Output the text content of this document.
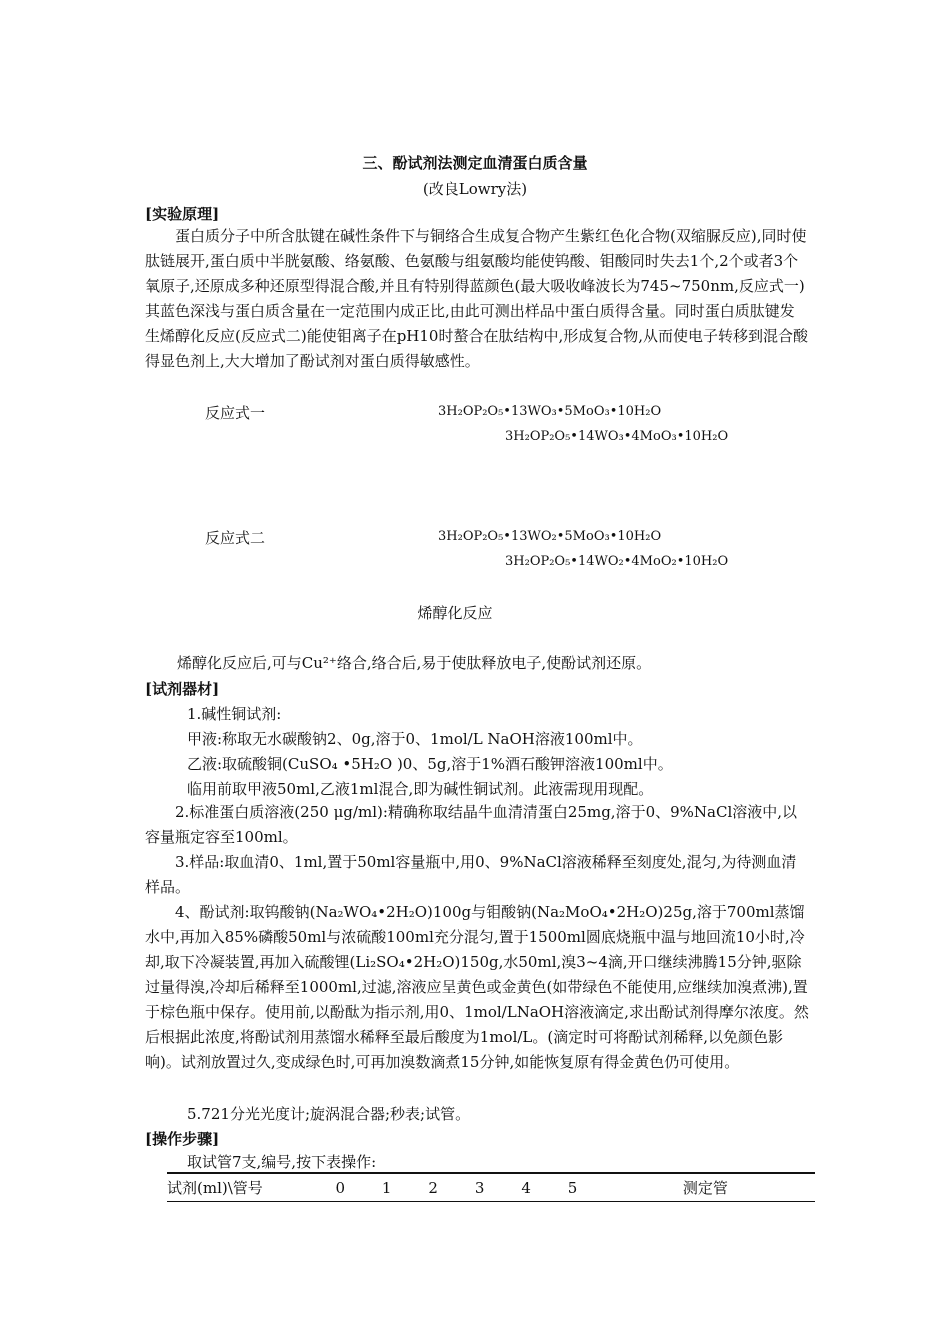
三、酚试剂法测定血清蛋白质含量
(改良Lowry法)
[实验原理]

蛋白质分子中所含肽键在碱性条件下与铜络合生成复合物产生紫红色化合物(双缩脲反应),同时使肽链展开,蛋白质中半胱氨酸、络氨酸、色氨酸与组氨酸均能使钨酸、钼酸同时失去1个,2个或者3个氧原子,还原成多种还原型得混合酸,并且有特别得蓝颜色(最大吸收峰波长为745~750nm,反应式一)其蓝色深浅与蛋白质含量在一定范围内成正比,由此可测出样品中蛋白质得含量。同时蛋白质肽键发生烯醇化反应(反应式二)能使钼离子在pH10时螯合在肽结构中,形成复合物,从而使电子转移到混合酸得显色剂上,大大增加了酚试剂对蛋白质得敏感性。

反应式一	3H₂OP₂O₅•13WO₃•5MoO₃•10H₂O
3H₂OP₂O₅•14WO₃•4MoO₃•10H₂O
反应式二	3H₂OP₂O₅•13WO₂•5MoO₃•10H₂O
3H₂OP₂O₅•14WO₂•4MoO₂•10H₂O
烯醇化反应
烯醇化反应后,可与Cu²⁺络合,络合后,易于使肽释放电子,使酚试剂还原。
[试剂器材]
1.碱性铜试剂:
甲液:称取无水碳酸钠2、0g,溶于0、1mol/L NaOH溶液100ml中。
乙液:取硫酸铜(CuSO₄ •5H₂O )0、5g,溶于1%酒石酸钾溶液100ml中。
临用前取甲液50ml,乙液1ml混合,即为碱性铜试剂。此液需现用现配。

2.标准蛋白质溶液(250 μg/ml):精确称取结晶牛血清清蛋白25mg,溶于0、9%NaCl溶液中,以容量瓶定容至100ml。

3.样品:取血清0、1ml,置于50ml容量瓶中,用0、9%NaCl溶液稀释至刻度处,混匀,为待测血清样品。

4、酚试剂:取钨酸钠(Na₂WO₄•2H₂O)100g与钼酸钠(Na₂MoO₄•2H₂O)25g,溶于700ml蒸馏水中,再加入85%磷酸50ml与浓硫酸100ml充分混匀,置于1500ml圆底烧瓶中温与地回流10小时,冷却,取下冷凝装置,再加入硫酸锂(Li₂SO₄•2H₂O)150g,水50ml,溴3~4滴,开口继续沸腾15分钟,驱除过量得溴,冷却后稀释至1000ml,过滤,溶液应呈黄色或金黄色(如带绿色不能使用,应继续加溴煮沸),置于棕色瓶中保存。使用前,以酚酞为指示剂,用0、1mol/LNaOH溶液滴定,求出酚试剂得摩尔浓度。然后根据此浓度,将酚试剂用蒸馏水稀释至最后酸度为1mol/L。(滴定时可将酚试剂稀释,以免颜色影响)。试剂放置过久,变成绿色时,可再加溴数滴煮15分钟,如能恢复原有得金黄色仍可使用。

5.721分光光度计;旋涡混合器;秒表;试管。
[操作步骤]
取试管7支,编号,按下表操作:
试剂(ml)\管号	0	1	2	3	4	5	测定管
